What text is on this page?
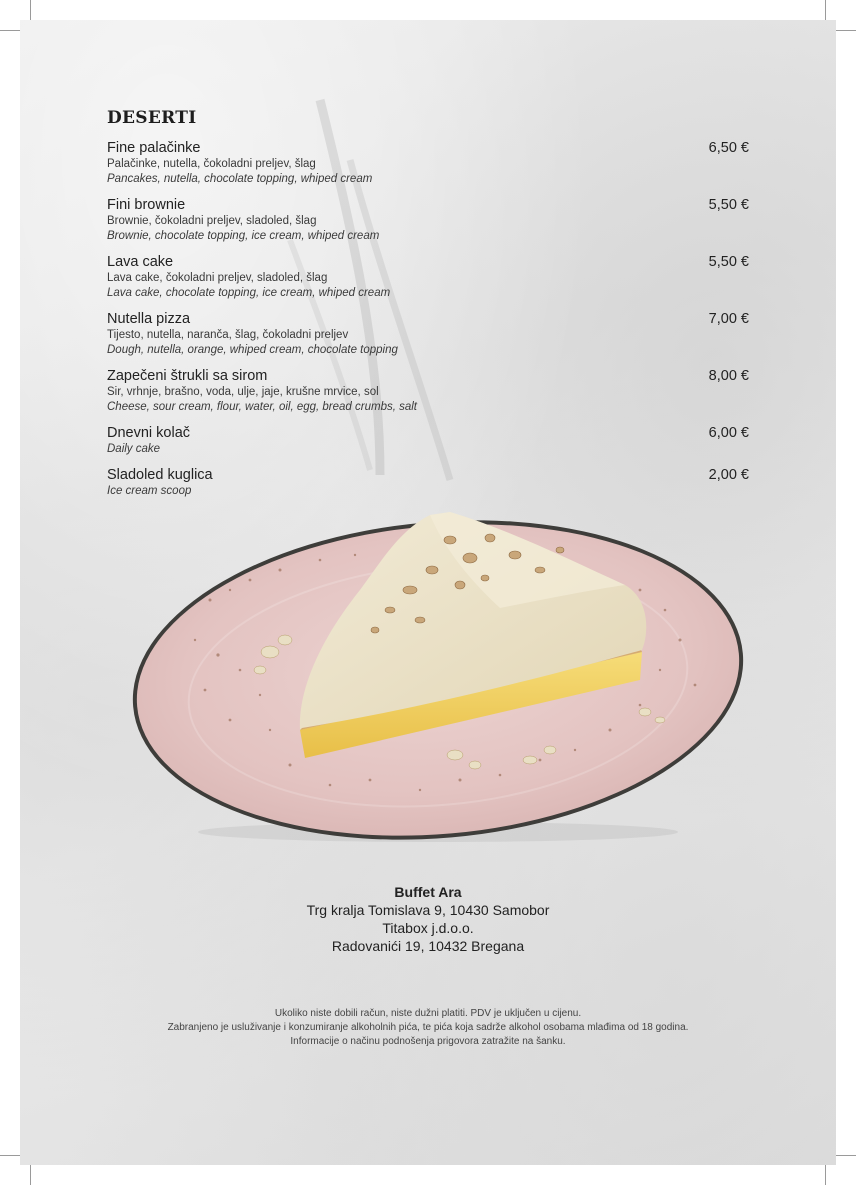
DESERTI
Fine palačinke	6,50 €
Palačinke, nutella, čokoladni preljev, šlag
Pancakes, nutella, chocolate topping, whiped cream
Fini brownie	5,50 €
Brownie, čokoladni preljev, sladoled, šlag
Brownie, chocolate topping, ice cream, whiped cream
Lava cake	5,50 €
Lava cake, čokoladni preljev, sladoled, šlag
Lava cake, chocolate topping, ice cream, whiped cream
Nutella pizza	7,00 €
Tijesto, nutella, naranča, šlag, čokoladni preljev
Dough, nutella, orange, whiped cream, chocolate topping
Zapečeni štrukli sa sirom	8,00 €
Sir, vrhnje, brašno, voda, ulje, jaje, krušne mrvice, sol
Cheese, sour cream, flour, water, oil, egg, bread crumbs, salt
Dnevni kolač	6,00 €
Daily cake
Sladoled kuglica	2,00 €
Ice cream scoop
Buffet Ara
Trg kralja Tomislava 9, 10430 Samobor
Titabox j.d.o.o.
Radovanići 19, 10432 Bregana
Ukoliko niste dobili račun, niste dužni platiti. PDV je uključen u cijenu.
Zabranjeno je usluživanje i konzumiranje alkoholnih pića, te pića koja sadrže alkohol osobama mlađima od 18 godina.
Informacije o načinu podnošenja prigovora zatražite na šanku.
